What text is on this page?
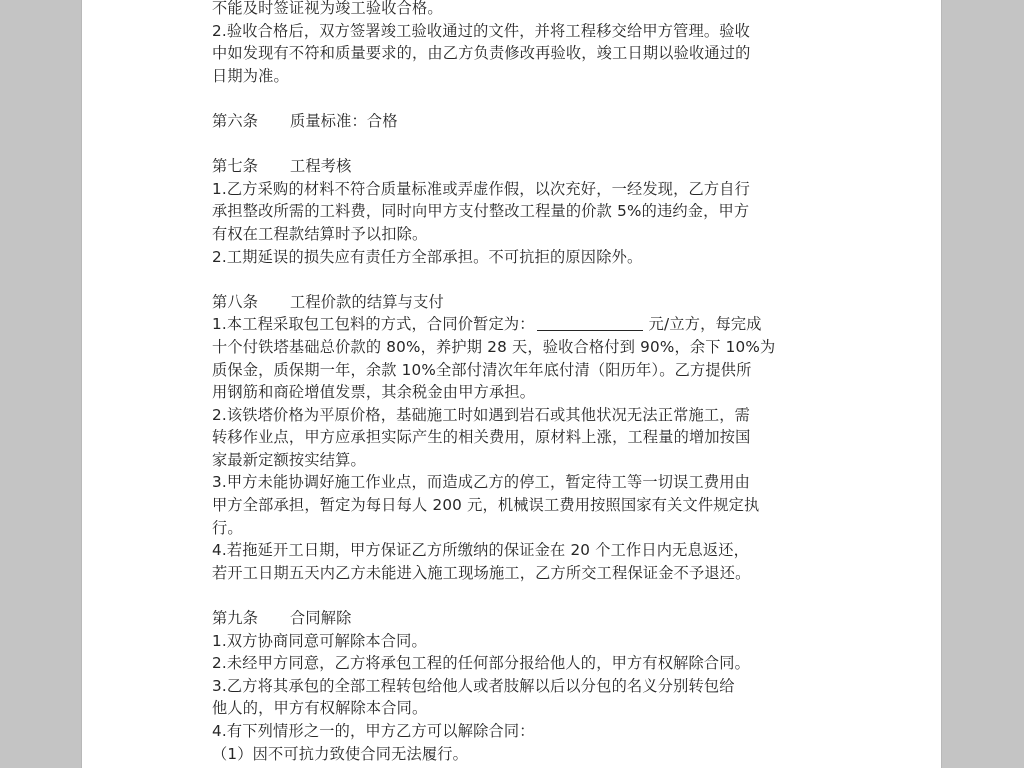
不能及时签证视为竣工验收合格。
2.验收合格后，双方签署竣工验收通过的文件，并将工程移交给甲方管理。验收
中如发现有不符和质量要求的，由乙方负责修改再验收，竣工日期以验收通过的
日期为准。
第六条 质量标准：合格
第七条 工程考核
1.乙方采购的材料不符合质量标准或弄虚作假，以次充好，一经发现，乙方自行
承担整改所需的工料费，同时向甲方支付整改工程量的价款 5%的违约金，甲方
有权在工程款结算时予以扣除。
2.工期延误的损失应有责任方全部承担。不可抗拒的原因除外。
第八条 工程价款的结算与支付
1.本工程采取包工包料的方式，合同价暂定为：	元/立方，每完成
十个付铁塔基础总价款的 80%，养护期 28 天，验收合格付到 90%，余下 10%为
质保金，质保期一年，余款 10%全部付清次年年底付清（阳历年）。乙方提供所
用钢筋和商砼增值发票，其余税金由甲方承担。
2.该铁塔价格为平原价格，基础施工时如遇到岩石或其他状况无法正常施工，需
转移作业点，甲方应承担实际产生的相关费用，原材料上涨，工程量的增加按国
家最新定额按实结算。
3.甲方未能协调好施工作业点，而造成乙方的停工，暂定待工等一切误工费用由
甲方全部承担，暂定为每日每人 200 元，机械误工费用按照国家有关文件规定执
行。
4.若拖延开工日期，甲方保证乙方所缴纳的保证金在 20 个工作日内无息返还，
若开工日期五天内乙方未能进入施工现场施工，乙方所交工程保证金不予退还。
第九条 合同解除
1.双方协商同意可解除本合同。
2.未经甲方同意，乙方将承包工程的任何部分报给他人的，甲方有权解除合同。
3.乙方将其承包的全部工程转包给他人或者肢解以后以分包的名义分别转包给
他人的，甲方有权解除本合同。
4.有下列情形之一的，甲方乙方可以解除合同：
（1）因不可抗力致使合同无法履行。
